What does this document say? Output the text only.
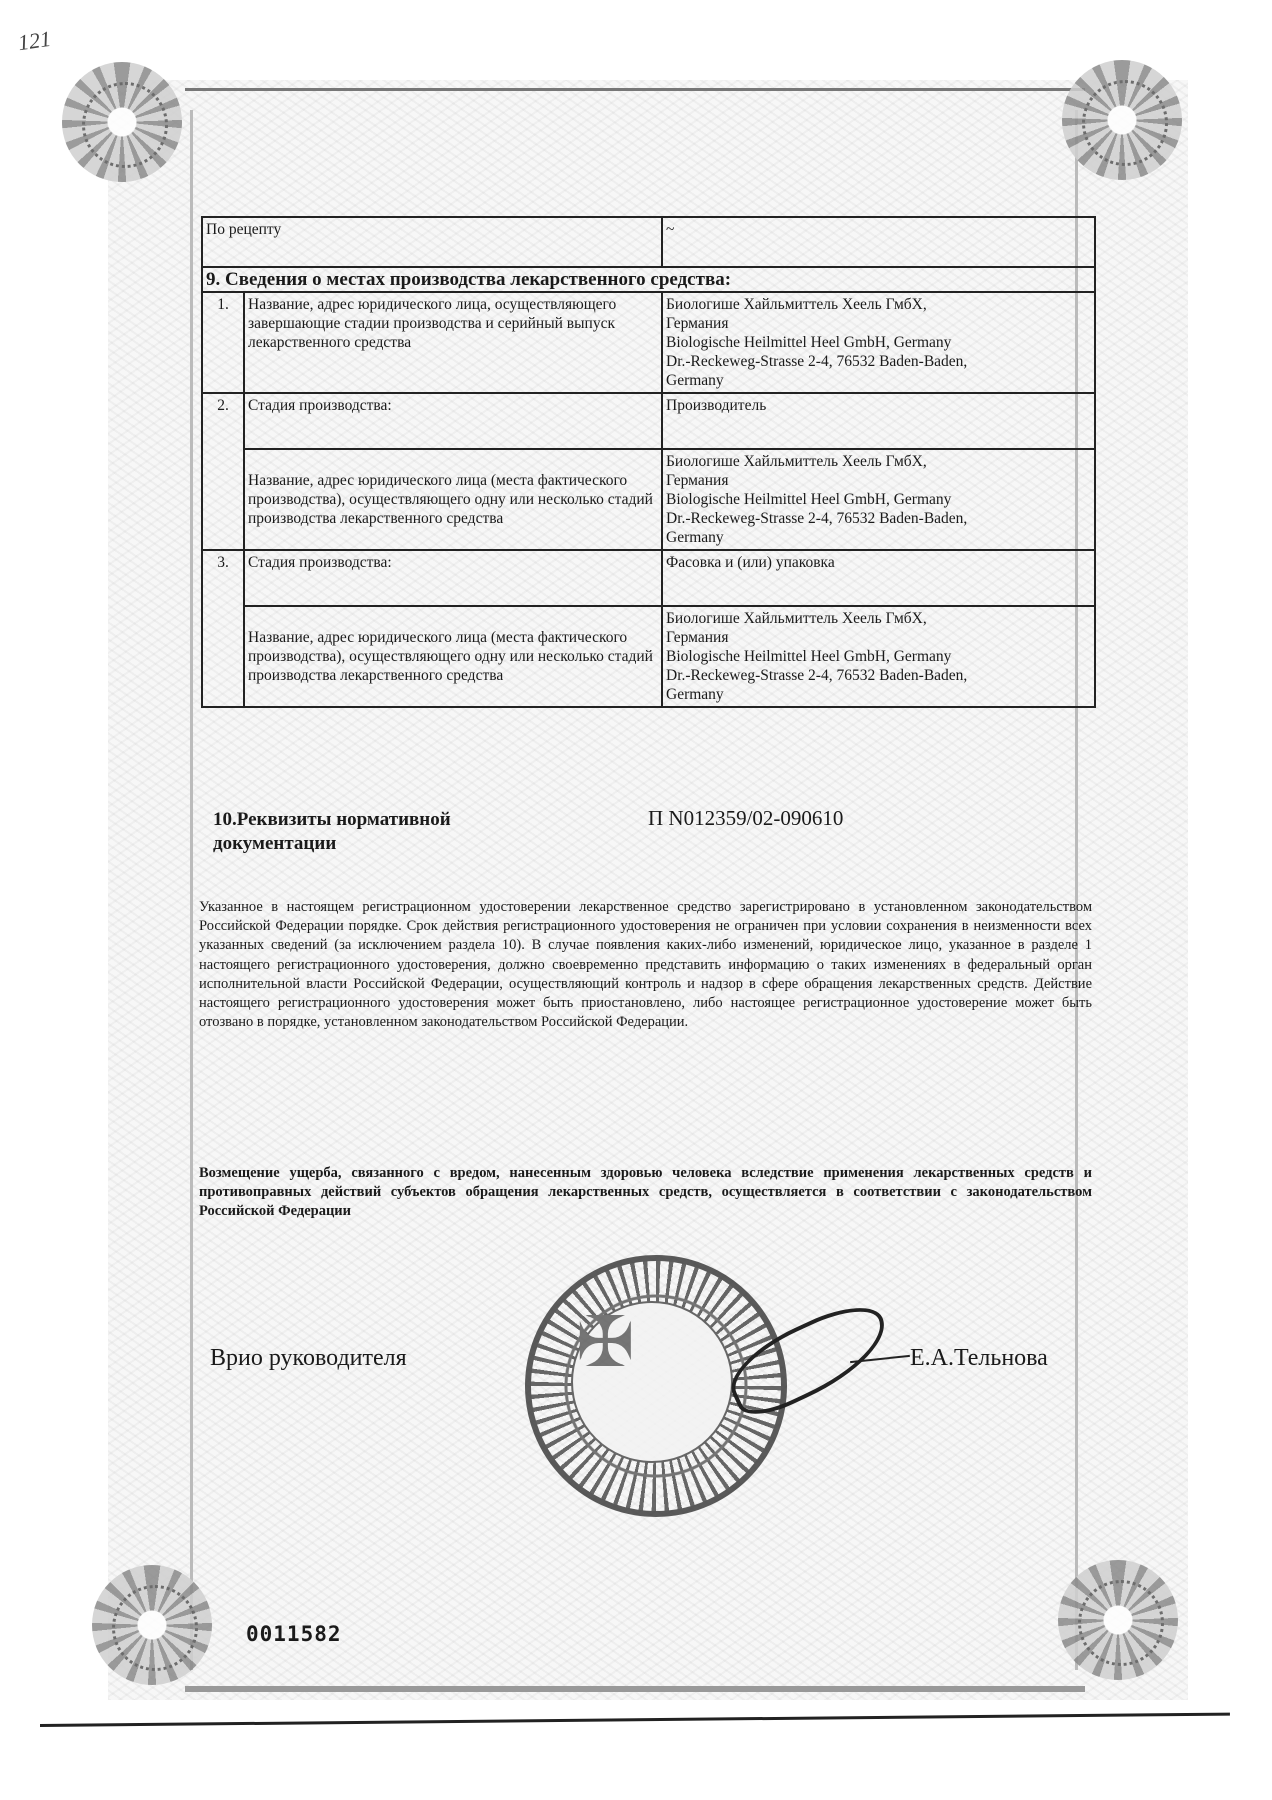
121
По рецепту		~
9. Сведения о местах производства лекарственного средства:		
1.	Название, адрес юридического лица, осуществляющего завершающие стадии производства и серийный выпуск лекарственного средства	Биологише Хайльмиттель Хеель ГмбХ,
Германия
Biologische Heilmittel Heel GmbH, Germany
Dr.-Reckeweg-Strasse 2-4, 76532 Baden-Baden,
Germany

2.	Стадия производства:	Производитель
	Название, адрес юридического лица (места фактического производства), осуществляющего одну или несколько стадий производства лекарственного средства	Биологише Хайльмиттель Хеель ГмбХ,
Германия
Biologische Heilmittel Heel GmbH, Germany
Dr.-Reckeweg-Strasse 2-4, 76532 Baden-Baden,
Germany

3.	Стадия производства:	Фасовка и (или) упаковка
	Название, адрес юридического лица (места фактического производства), осуществляющего одну или несколько стадий производства лекарственного средства	Биологише Хайльмиттель Хеель ГмбХ,
Германия
Biologische Heilmittel Heel GmbH, Germany
Dr.-Reckeweg-Strasse 2-4, 76532 Baden-Baden,
Germany
10.Реквизиты нормативной документации
П N012359/02-090610
Указанное в настоящем регистрационном удостоверении лекарственное средство зарегистрировано в установленном законодательством Российской Федерации порядке. Срок действия регистрационного удостоверения не ограничен при условии сохранения в неизменности всех указанных сведений (за исключением раздела 10). В случае появления каких-либо изменений, юридическое лицо, указанное в разделе 1 настоящего регистрационного удостоверения, должно своевременно представить информацию о таких изменениях в федеральный орган исполнительной власти Российской Федерации, осуществляющий контроль и надзор в сфере обращения лекарственных средств. Действие настоящего регистрационного удостоверения может быть приостановлено, либо настоящее регистрационное удостоверение может быть отозвано в порядке, установленном законодательством Российской Федерации.
Возмещение ущерба, связанного с вредом, нанесенным здоровью человека вследствие применения лекарственных средств и противоправных действий субъектов обращения лекарственных средств, осуществляется в соответствии с законодательством Российской Федерации
Врио руководителя ✠	Е.А.Тельнова
0011582
